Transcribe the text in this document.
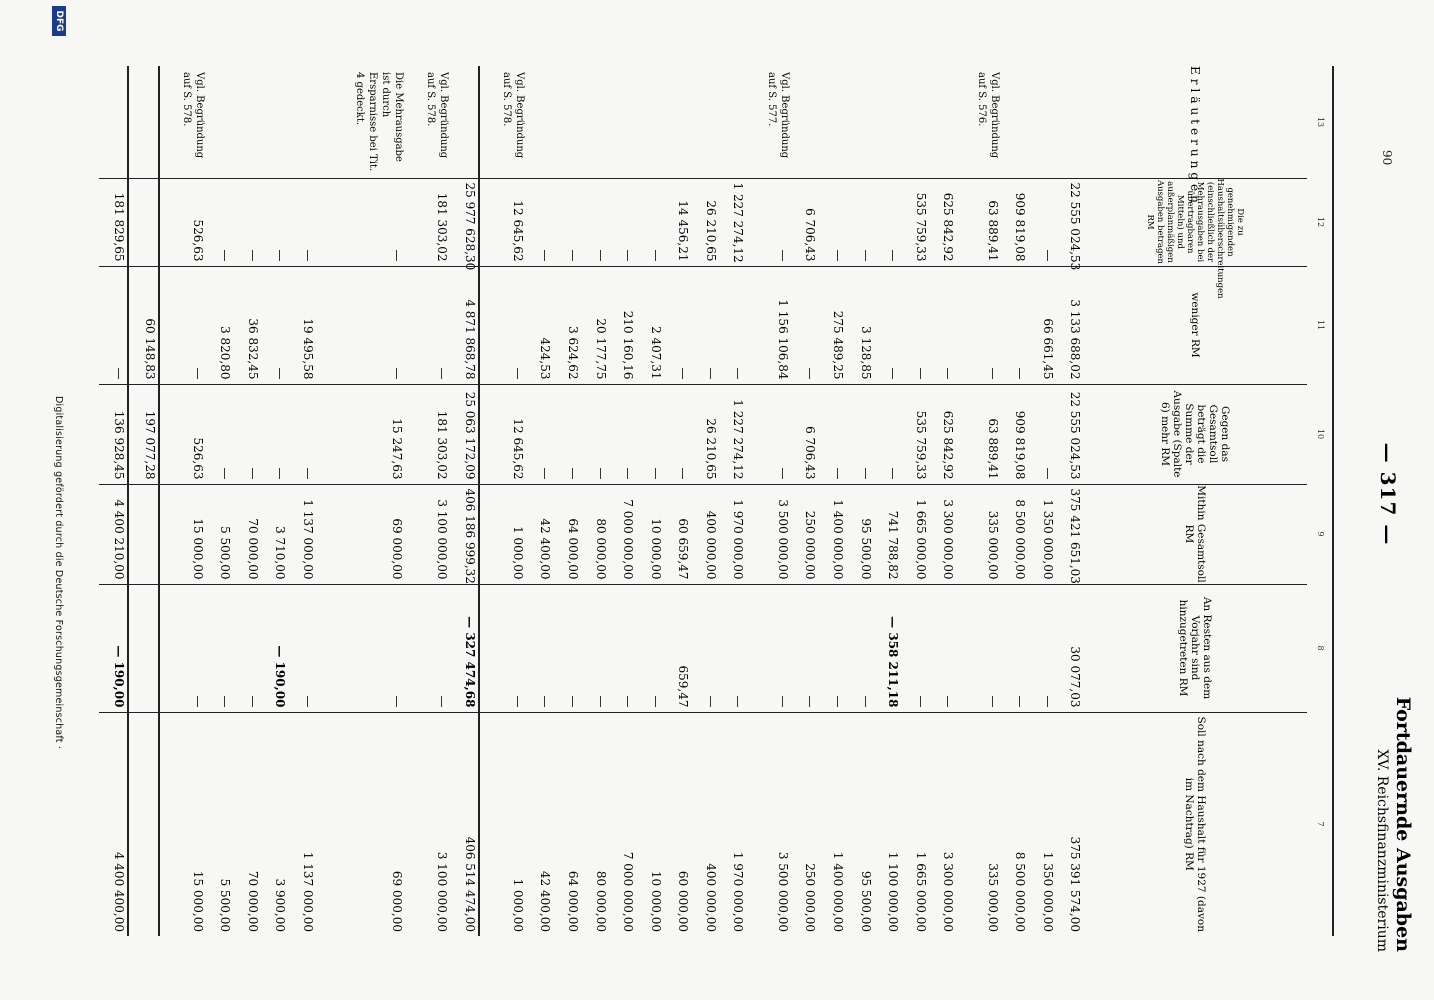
Fortdauernde Ausgaben
XV. Reichsfinanzministerium
— 317 —
13	12	11	10	9	8	7
Erläuterungen	Die zu genehmigenden Haushaltsüberschreitungen (einschließlich der Mehrausgaben bei übertragbaren Mitteln) und außerplanmäßigen Ausgaben betragen RM	weniger RM	Gegen das Gesamtsoll beträgt die Summe der Ausgabe (Spalte 6) mehr RM	Mithin Gesamtsoll RM	An Resten aus dem Vorjahr sind hinzugetreten RM	Soll nach dem Haushalt für 1927 (davon im Nachtrag) RM

	22 555 024,53	3 133 688,02	22 555 024,53	375 421 651,03	30 077,03	375 391 574,00

	—	66 661,45	—	1 350 000,00	—	1 350 000,00

	909 819,08	—	909 819,08	8 500 000,00	—	8 500 000,00

Vgl. Begründung auf S. 576.	63 889,41	—	63 889,41	335 000,00	—	335 000,00

	625 842,92	—	625 842,92	3 300 000,00	—	3 300 000,00

	535 759,33	—	535 759,33	1 665 000,00	—	1 665 000,00

	—	—	—	741 788,82	— 358 211,18	1 100 000,00

	—	3 128,85	—	95 500,00	—	95 500,00

	—	275 489,25	—	1 400 000,00	—	1 400 000,00

	6 706,43	—	6 706,43	250 000,00	—	250 000,00

Vgl. Begründung auf S. 577.	—	1 156 106,84	—	3 500 000,00	—	3 500 000,00

	1 227 274,12	—	1 227 274,12	1 970 000,00	—	1 970 000,00

	26 210,65	—	26 210,65	400 000,00	—	400 000,00

	14 456,21	—	—	60 659,47	659,47	60 000,00

	—	2 407,31	—	10 000,00	—	10 000,00

	—	210 160,16	—	7 000 000,00	—	7 000 000,00

	—	20 177,75	—	80 000,00	—	80 000,00

	—	3 624,62	—	64 000,00	—	64 000,00

	—	424,53	—	42 400,00	—	42 400,00

Vgl. Begründung auf S. 578.	12 645,62	—	12 645,62	1 000,00	—	1 000,00

	25 977 628,30	4 871 868,78	25 063 172,09	406 186 999,32	— 327 474,68	406 514 474,00

Vgl. Begründung auf S. 578.	181 303,02	—	181 303,02	3 100 000,00	—	3 100 000,00

Die Mehrausgabe ist durch Ersparnisse bei Tit. 4 gedeckt.	—	—	15 247,63	69 000,00	—	69 000,00

	—	19 495,58	—	1 137 000,00	—	1 137 000,00

	—	—	—	3 710,00	— 190,00	3 900,00

	—	36 832,45	—	70 000,00	—	70 000,00

	—	3 820,80	—	5 500,00	—	5 500,00

Vgl. Begründung auf S. 578.	526,63	—	526,63	15 000,00	—	15 000,00

		60 148,83	197 077,28			

	181 829,65	—	136 928,45	4 400 210,00	— 190,00	4 400 400,00
90
Digitalisierung gefördert durch die Deutsche Forschungsgemeinschaft ·
DFG
